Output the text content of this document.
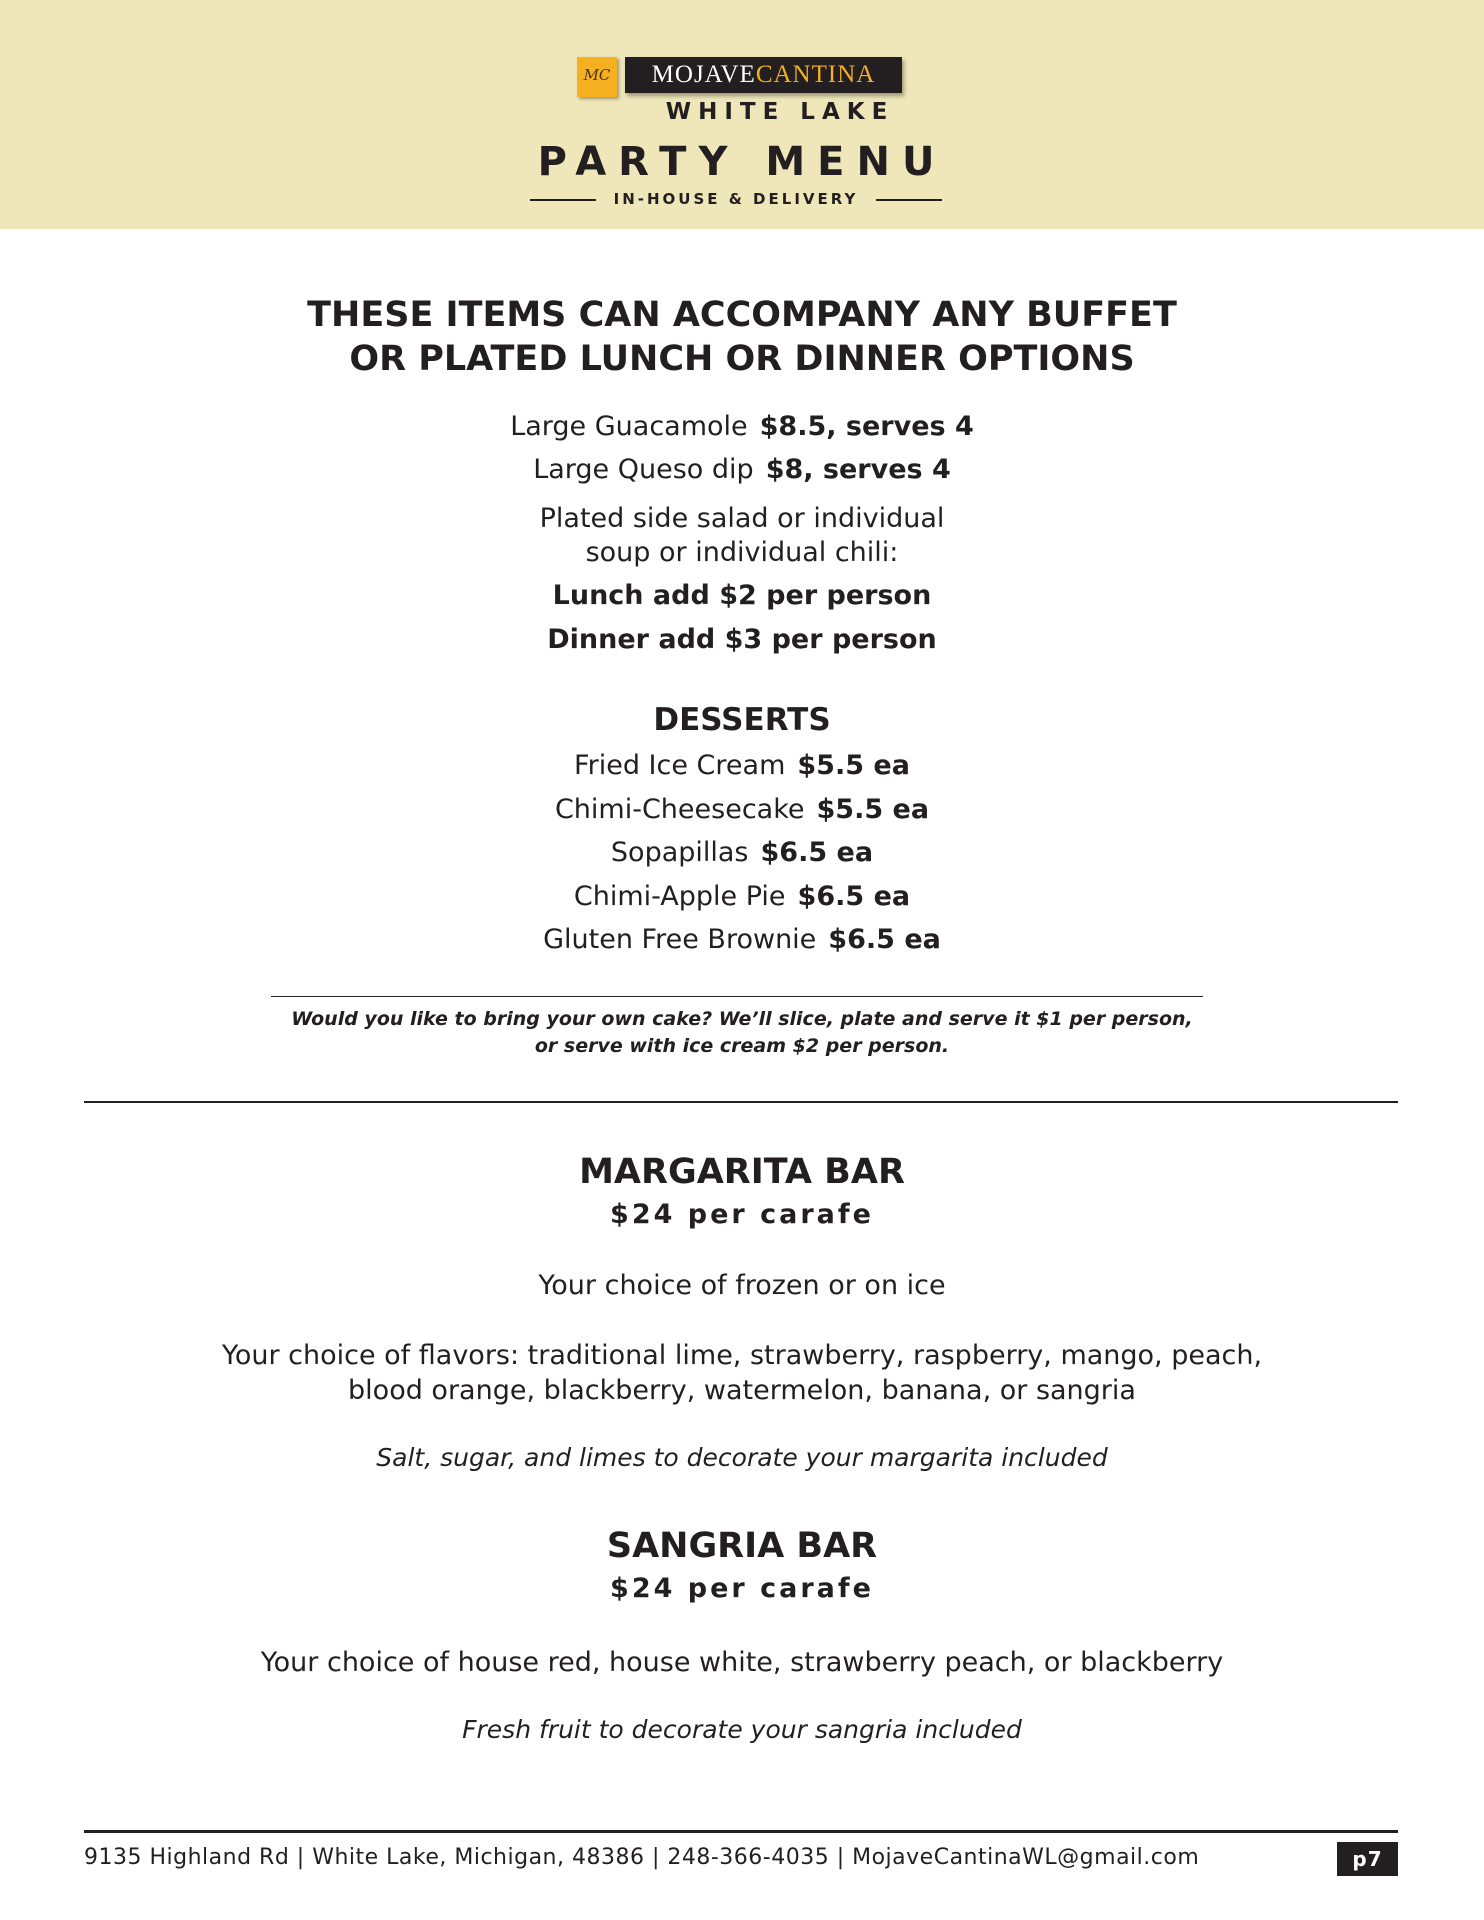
MC	MOJAVECANTINA
WHITE LAKE
PARTY MENU
IN-HOUSE & DELIVERY
THESE ITEMS CAN ACCOMPANY ANY BUFFET
OR PLATED LUNCH OR DINNER OPTIONS
Large Guacamole $8.5, serves 4
Large Queso dip $8, serves 4
Plated side salad or individual
soup or individual chili:
Lunch add $2 per person
Dinner add $3 per person
DESSERTS
Fried Ice Cream $5.5 ea
Chimi-Cheesecake $5.5 ea
Sopapillas $6.5 ea
Chimi-Apple Pie $6.5 ea
Gluten Free Brownie $6.5 ea
Would you like to bring your own cake? We’ll slice, plate and serve it $1 per person,
or serve with ice cream $2 per person.
MARGARITA BAR
$24 per carafe
Your choice of frozen or on ice
Your choice of flavors: traditional lime, strawberry, raspberry, mango, peach,
blood orange, blackberry, watermelon, banana, or sangria
Salt, sugar, and limes to decorate your margarita included
SANGRIA BAR
$24 per carafe
Your choice of house red, house white, strawberry peach, or blackberry
Fresh fruit to decorate your sangria included
9135 Highland Rd | White Lake, Michigan, 48386 | 248-366-4035 | MojaveCantinaWL@gmail.com	p7
